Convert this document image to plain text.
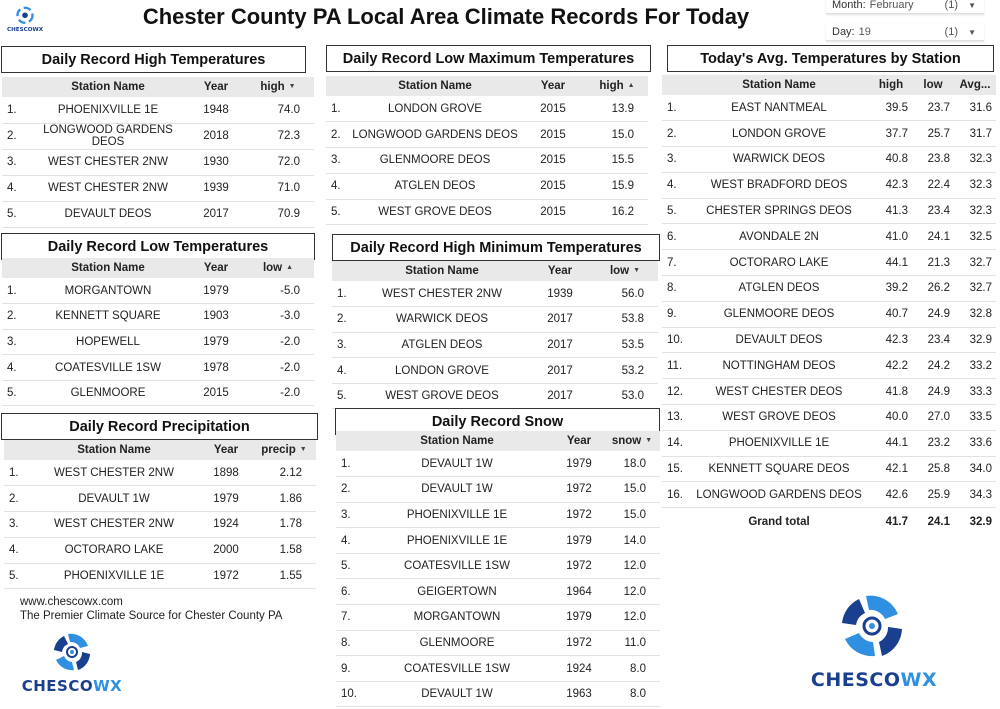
CHESCOWX
Chester County PA Local Area Climate Records For Today	Month: February	(1) ▼
Day: 19	(1) ▼
Daily Record High Temperatures
	Station Name	Year	high ▼
1.	PHOENIXVILLE 1E	1948	74.0
2.	LONGWOOD GARDENS DEOS	2018	72.3
3.	WEST CHESTER 2NW	1930	72.0
4.	WEST CHESTER 2NW	1939	71.0
5.	DEVAULT DEOS	2017	70.9
Daily Record Low Temperatures
	Station Name	Year	low ▲
1.	MORGANTOWN	1979	-5.0
2.	KENNETT SQUARE	1903	-3.0
3.	HOPEWELL	1979	-2.0
4.	COATESVILLE 1SW	1978	-2.0
5.	GLENMOORE	2015	-2.0
Daily Record Precipitation
	Station Name	Year	precip ▼
1.	WEST CHESTER 2NW	1898	2.12
2.	DEVAULT 1W	1979	1.86
3.	WEST CHESTER 2NW	1924	1.78
4.	OCTORARO LAKE	2000	1.58
5.	PHOENIXVILLE 1E	1972	1.55
Daily Record Low Maximum Temperatures
	Station Name	Year	high ▲
1.	LONDON GROVE	2015	13.9
2.	LONGWOOD GARDENS DEOS	2015	15.0
3.	GLENMOORE DEOS	2015	15.5
4.	ATGLEN DEOS	2015	15.9
5.	WEST GROVE DEOS	2015	16.2
Daily Record High Minimum Temperatures
	Station Name	Year	low ▼
1.	WEST CHESTER 2NW	1939	56.0
2.	WARWICK DEOS	2017	53.8
3.	ATGLEN DEOS	2017	53.5
4.	LONDON GROVE	2017	53.2
5.	WEST GROVE DEOS	2017	53.0
Daily Record Snow
	Station Name	Year	snow ▼
1.	DEVAULT 1W	1979	18.0
2.	DEVAULT 1W	1972	15.0
3.	PHOENIXVILLE 1E	1972	15.0
4.	PHOENIXVILLE 1E	1979	14.0
5.	COATESVILLE 1SW	1972	12.0
6.	GEIGERTOWN	1964	12.0
7.	MORGANTOWN	1979	12.0
8.	GLENMOORE	1972	11.0
9.	COATESVILLE 1SW	1924	8.0
10.	DEVAULT 1W	1963	8.0
Today's Avg. Temperatures by Station
	Station Name	high	low	Avg...
1.	EAST NANTMEAL	39.5	23.7	31.6
2.	LONDON GROVE	37.7	25.7	31.7
3.	WARWICK DEOS	40.8	23.8	32.3
4.	WEST BRADFORD DEOS	42.3	22.4	32.3
5.	CHESTER SPRINGS DEOS	41.3	23.4	32.3
6.	AVONDALE 2N	41.0	24.1	32.5
7.	OCTORARO LAKE	44.1	21.3	32.7
8.	ATGLEN DEOS	39.2	26.2	32.7
9.	GLENMOORE DEOS	40.7	24.9	32.8
10.	DEVAULT DEOS	42.3	23.4	32.9
11.	NOTTINGHAM DEOS	42.2	24.2	33.2
12.	WEST CHESTER DEOS	41.8	24.9	33.3
13.	WEST GROVE DEOS	40.0	27.0	33.5
14.	PHOENIXVILLE 1E	44.1	23.2	33.6
15.	KENNETT SQUARE DEOS	42.1	25.8	34.0
16.	LONGWOOD GARDENS DEOS	42.6	25.9	34.3
	Grand total	41.7	24.1	32.9
www.chescowx.com
The Premier Climate Source for Chester County PA
CHESCOWX	CHESCOWX
